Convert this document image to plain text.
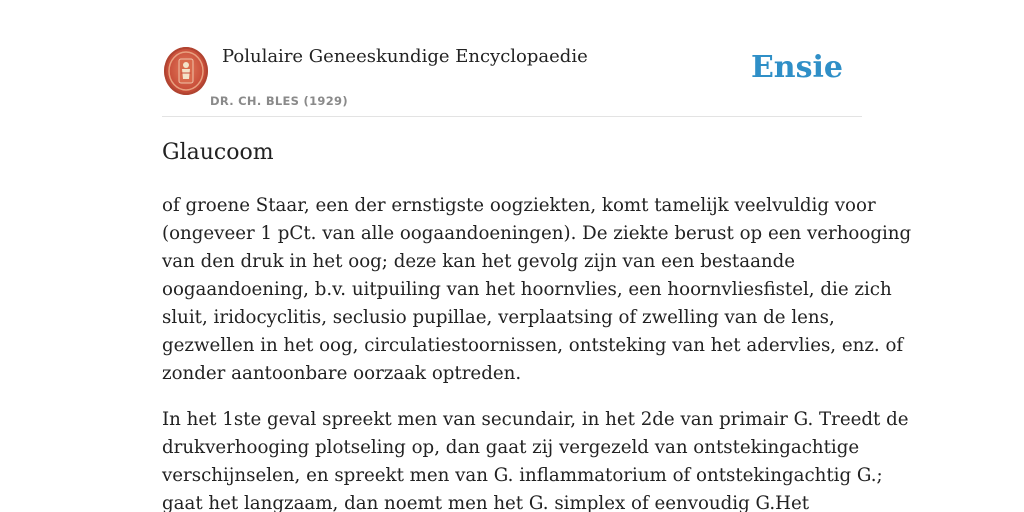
Polulaire Geneeskundige Encyclopaedie
DR. CH. BLES (1929)
Ensie
Glaucoom

of groene Staar, een der ernstigste oogziekten, komt tamelijk veelvuldig voor
(ongeveer 1 pCt. van alle oogaandoeningen). De ziekte berust op een verhooging
van den druk in het oog; deze kan het gevolg zijn van een bestaande
oogaandoening, b.v. uitpuiling van het hoornvlies, een hoornvliesfistel, die zich
sluit, iridocyclitis, seclusio pupillae, verplaatsing of zwelling van de lens,
gezwellen in het oog, circulatiestoornissen, ontsteking van het adervlies, enz. of
zonder aantoonbare oorzaak optreden.

In het 1ste geval spreekt men van secundair, in het 2de van primair G. Treedt de
drukverhooging plotseling op, dan gaat zij vergezeld van ontstekingachtige
verschijnselen, en spreekt men van G. inflammatorium of ontstekingachtig G.;
gaat het langzaam, dan noemt men het G. simplex of eenvoudig G.Het
